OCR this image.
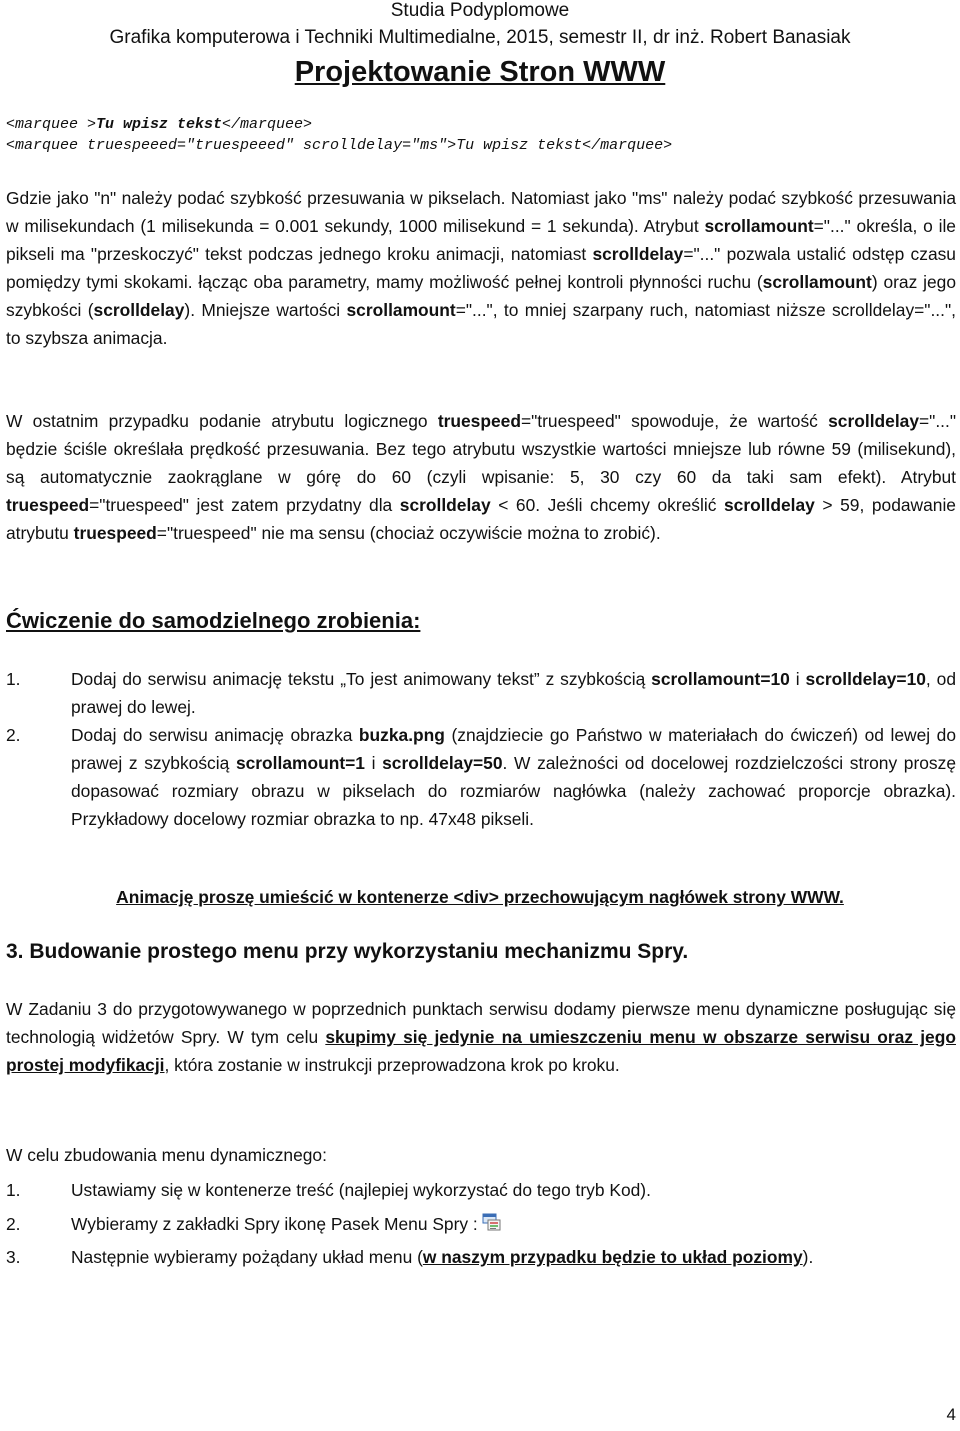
Studia Podyplomowe
Grafika komputerowa i Techniki Multimedialne, 2015, semestr II, dr inż. Robert Banasiak
Projektowanie Stron WWW
<marquee >Tu wpisz tekst</marquee>
<marquee truespeeed="truespeeed" scrolldelay="ms">Tu wpisz tekst</marquee>
Gdzie jako "n" należy podać szybkość przesuwania w pikselach. Natomiast jako "ms" należy podać szybkość przesuwania w milisekundach (1 milisekunda = 0.001 sekundy, 1000 milisekund = 1 sekunda). Atrybut scrollamount="..." określa, o ile pikseli ma "przeskoczyć" tekst podczas jednego kroku animacji, natomiast scrolldelay="..." pozwala ustalić odstęp czasu pomiędzy tymi skokami. łącząc oba parametry, mamy możliwość pełnej kontroli płynności ruchu (scrollamount) oraz jego szybkości (scrolldelay). Mniejsze wartości scrollamount="...", to mniej szarpany ruch, natomiast niższe scrolldelay="...", to szybsza animacja.
W ostatnim przypadku podanie atrybutu logicznego truespeed="truespeed" spowoduje, że wartość scrolldelay="..." będzie ściśle określała prędkość przesuwania. Bez tego atrybutu wszystkie wartości mniejsze lub równe 59 (milisekund), są automatycznie zaokrąglane w górę do 60 (czyli wpisanie: 5, 30 czy 60 da taki sam efekt). Atrybut truespeed="truespeed" jest zatem przydatny dla scrolldelay < 60. Jeśli chcemy określić scrolldelay > 59, podawanie atrybutu truespeed="truespeed" nie ma sensu (chociaż oczywiście można to zrobić).
Ćwiczenie do samodzielnego zrobienia:
1.	Dodaj do serwisu animację tekstu „To jest animowany tekst” z szybkością scrollamount=10 i scrolldelay=10, od prawej do lewej.
2.	Dodaj do serwisu animację obrazka buzka.png (znajdziecie go Państwo w materiałach do ćwiczeń) od lewej do prawej z szybkością scrollamount=1 i scrolldelay=50. W zależności od docelowej rozdzielczości strony proszę dopasować rozmiary obrazu w pikselach do rozmiarów nagłówka (należy zachować proporcje obrazka). Przykładowy docelowy rozmiar obrazka to np. 47x48 pikseli.
Animację proszę umieścić w kontenerze <div> przechowującym nagłówek strony WWW.
3. Budowanie prostego menu przy wykorzystaniu mechanizmu Spry.
W Zadaniu 3 do przygotowywanego w poprzednich punktach serwisu dodamy pierwsze menu dynamiczne posługując się technologią widżetów Spry. W tym celu skupimy się jedynie na umieszczeniu menu w obszarze serwisu oraz jego prostej modyfikacji, która zostanie w instrukcji przeprowadzona krok po kroku.
W celu zbudowania menu dynamicznego:
1.	Ustawiamy się w kontenerze treść (najlepiej wykorzystać do tego tryb Kod).
2.	Wybieramy z zakładki Spry ikonę Pasek Menu Spry :
3.	Następnie wybieramy pożądany układ menu (w naszym przypadku będzie to układ poziomy).
4
